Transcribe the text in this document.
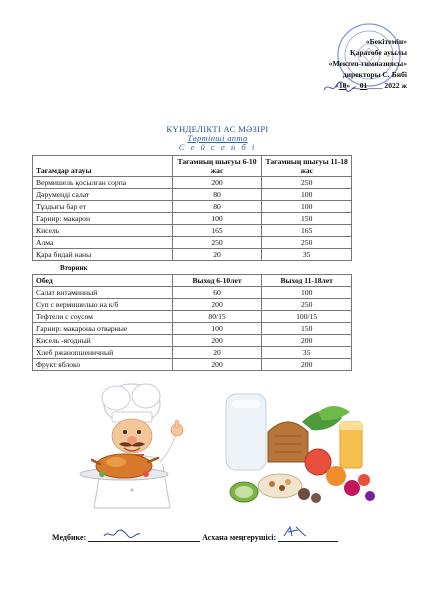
«Бекітемін»
Қаратөбе ауылы
«Мектеп-гимназиясы»
директоры С. Бибі
«10» __01____ 2022 ж
КҮНДЕЛІКТІ АС МӘЗІРІ
Төртінші апта
С е й с е н б і
Тағамдар атауы	Тағамның шығуы 6-10 жас	Тағамның шығуы 11-18 жас
Вермишель қосылған сорпа	200	250
Дәруменді салат	80	100
Тұздығы бар ет	80	100
Гарнир: макарон	100	150
Кисель	165	165
Алма	250	250
Қара бидай наны	20	35
Вторник
Обед	Выход 6-10лет	Выход 11-18лет
Салат витаминный	60	100
Суп с вермишелью на к/б	200	250
Тефтели с соусом	80/15	100/15
Гарнир: макароны отварные	100	150
Кисель -ягодный	200	200
Хлеб ржанопшеничный	20	35
Фрукт яблоко	200	200
Медбике:	Асхана меңгерушісі:
